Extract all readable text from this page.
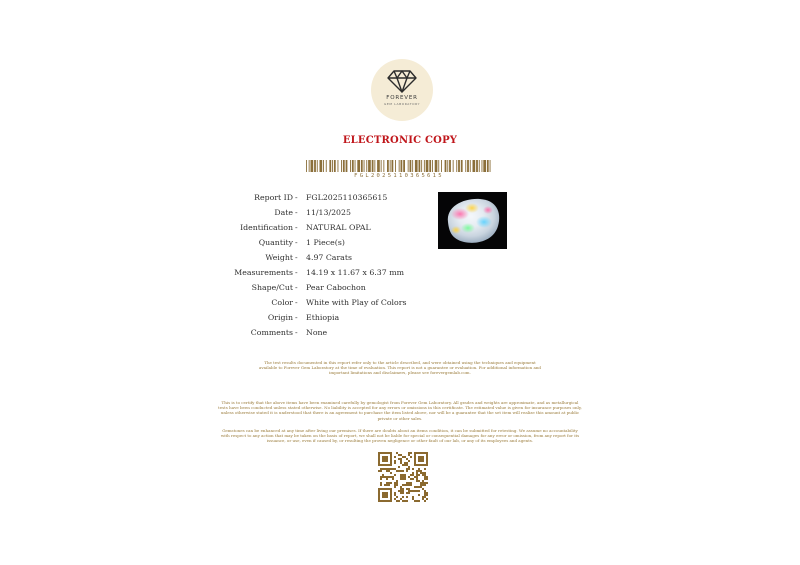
FOREVER
GEM LABORATORY
ELECTRONIC COPY
FGL2025110365615
Report ID - FGL2025110365615
Date - 11/13/2025
Identification - NATURAL OPAL
Quantity - 1 Piece(s)
Weight - 4.97 Carats
Measurements - 14.19 x 11.67 x 6.37 mm
Shape/Cut - Pear Cabochon
Color - White with Play of Colors
Origin - Ethiopia
Comments - None
The test results documented in this report refer only to the article described, and were obtained using the techniques and equipment
available to Forever Gem Laboratory at the time of evaluation. This report is not a guarantee or evaluation. For additional information and
important limitations and disclaimers, please see forevergemlab.com.
This is to certify that the above items have been examined carefully by gemologist from Forever Gem Laboratory. All grades and weights are approximate, and as metallurgical
tests have been conducted unless stated otherwise. No liability is accepted for any errors or omissions in this certificate. The estimated value is given for insurance purposes only,
unless otherwise stated it is understood that there is an agreement to purchase the item listed above, nor will be a guarantee that the set item will realize this amount at public
private or other sales.
Gemstones can be enhanced at any time after living our premises. If there are doubts about an items condition, it can be submitted for retesting. We assume no accountability
with respect to any action that may be taken on the basis of report, we shall not be liable for special or consequential damages for any error or omission, from any report for its
issuance, or use, even if caused by, or resulting the proven negligence or other fault of our lab, or any of its employees and agents.
